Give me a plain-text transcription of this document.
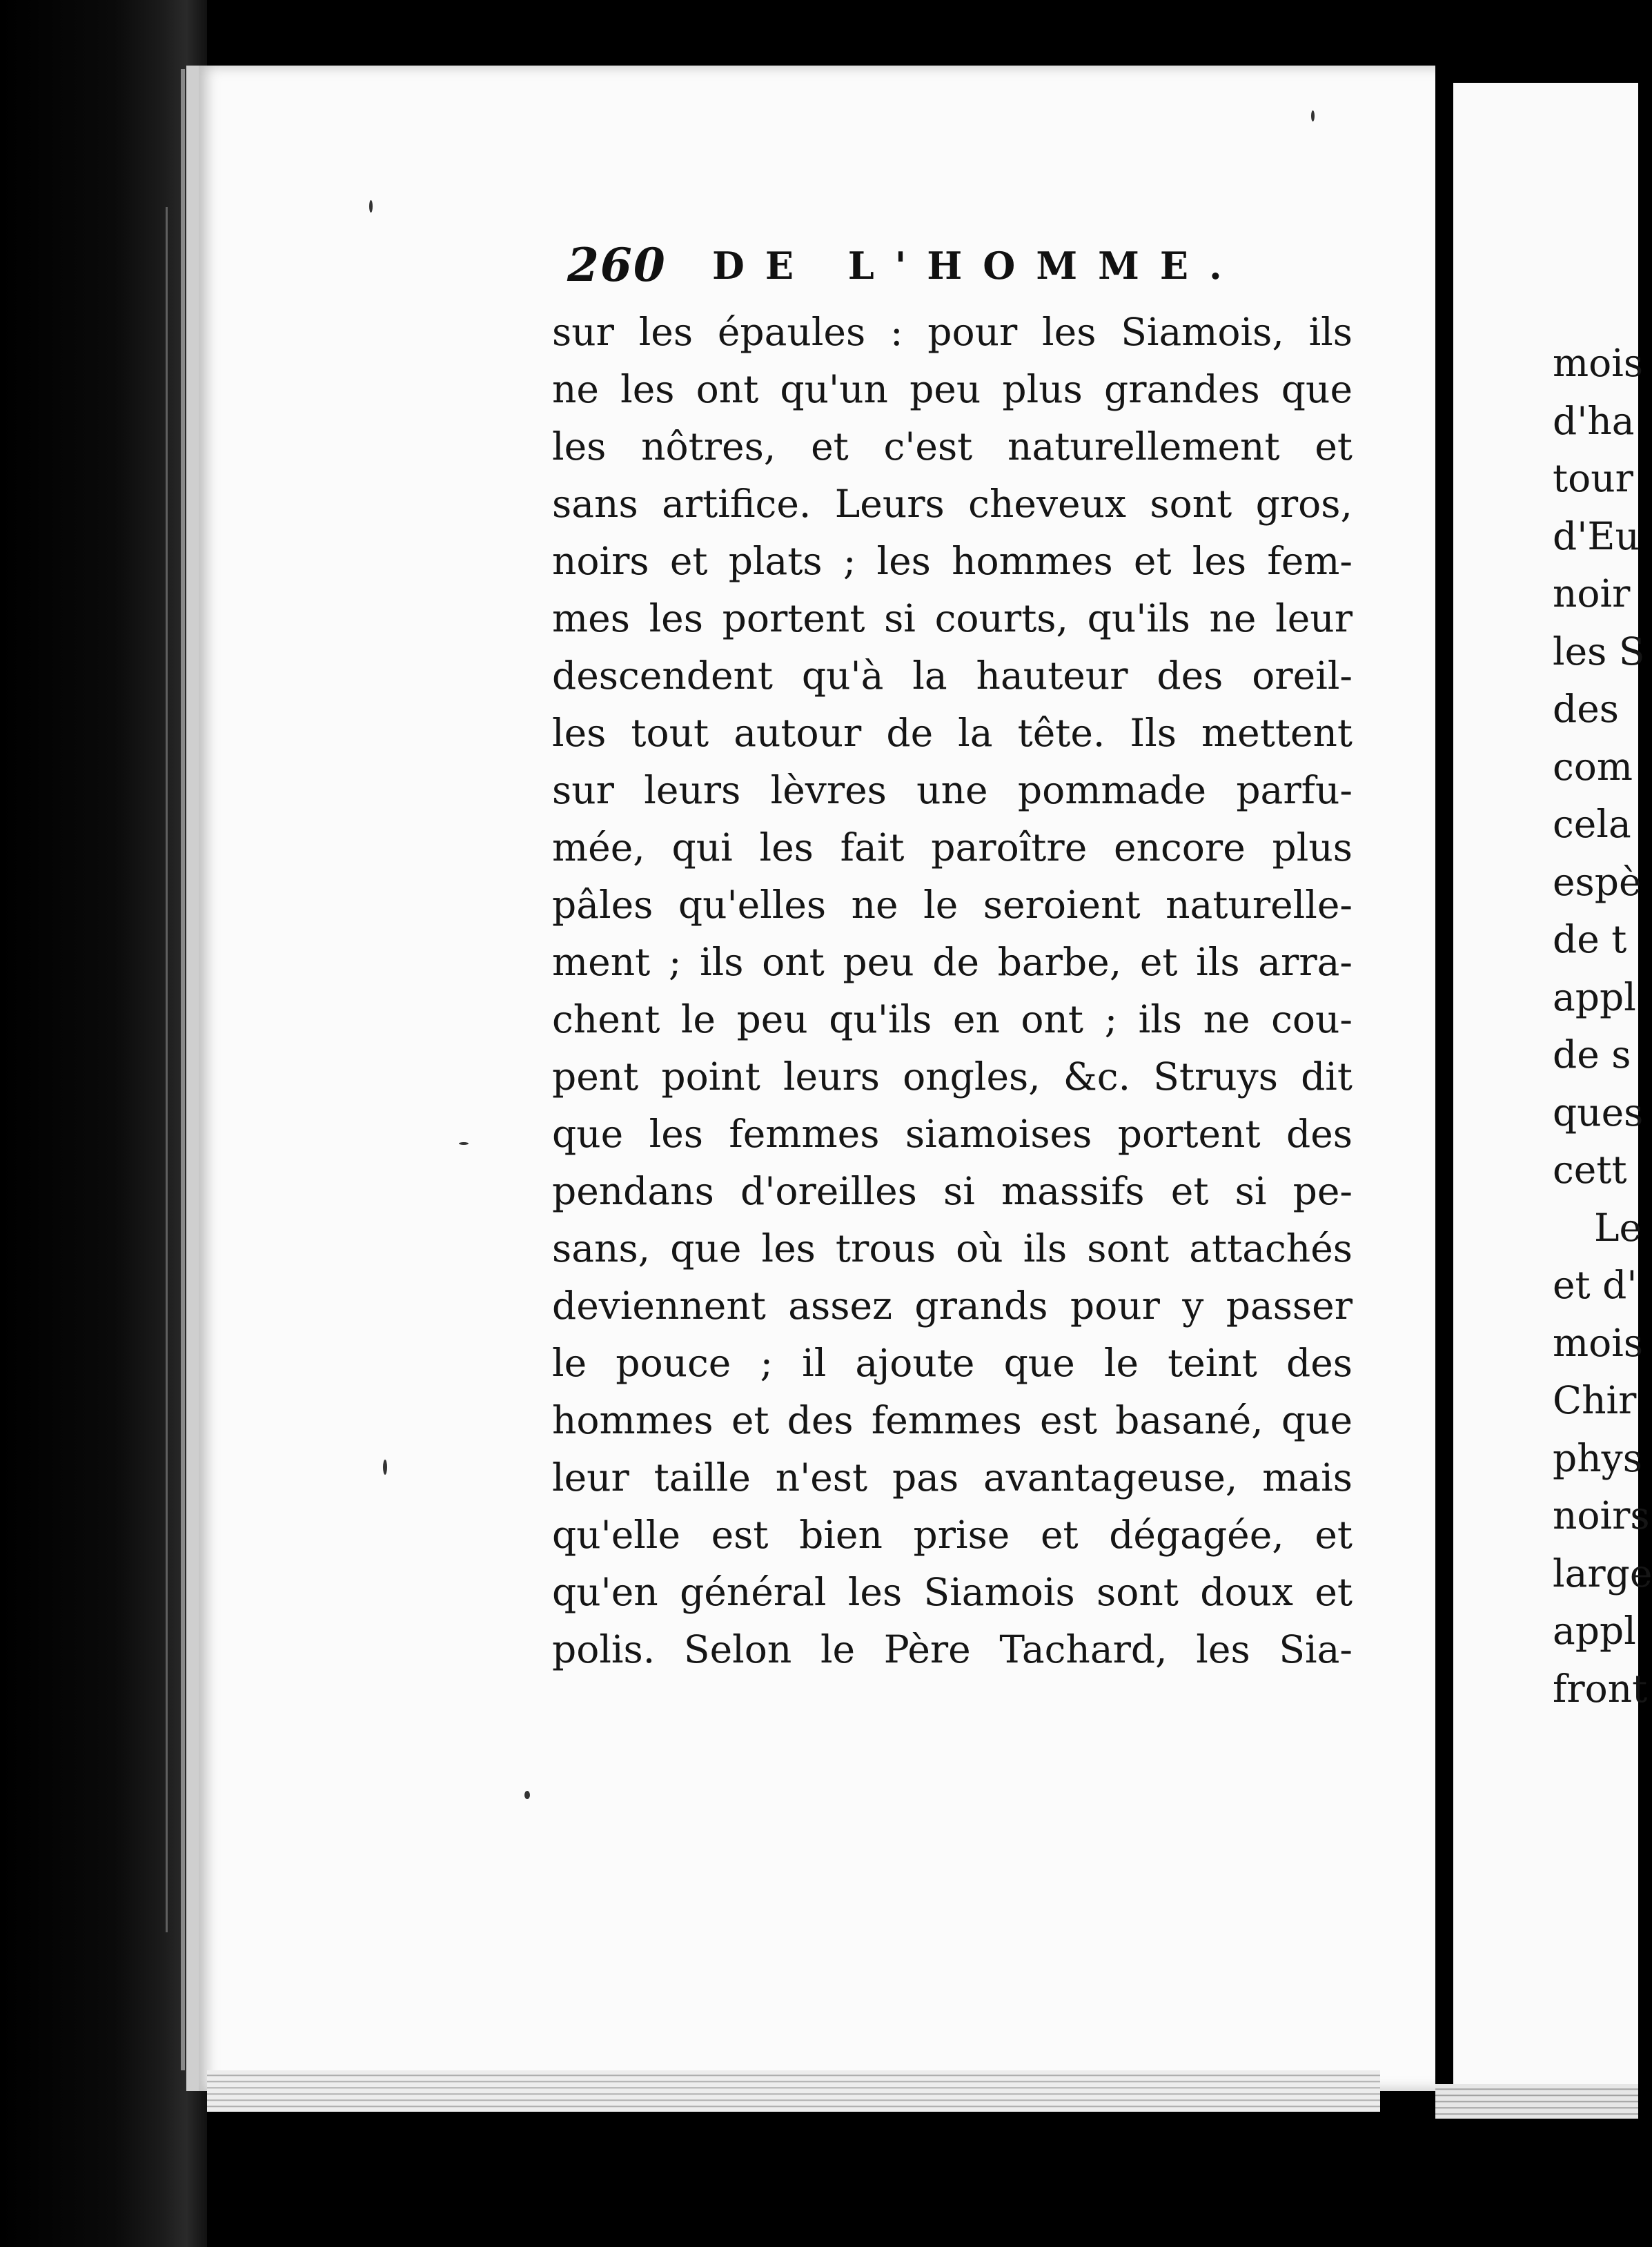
260 DE L'HOMME.
sur les épaules : pour les Siamois, ils
ne les ont qu'un peu plus grandes que
les nôtres, et c'est naturellement et
sans artifice. Leurs cheveux sont gros,
noirs et plats ; les hommes et les fem-
mes les portent si courts, qu'ils ne leur
descendent qu'à la hauteur des oreil-
les tout autour de la tête. Ils mettent
sur leurs lèvres une pommade parfu-
mée, qui les fait paroître encore plus
pâles qu'elles ne le seroient naturelle-
ment ; ils ont peu de barbe, et ils arra-
chent le peu qu'ils en ont ; ils ne cou-
pent point leurs ongles, &c. Struys dit
que les femmes siamoises portent des
pendans d'oreilles si massifs et si pe-
sans, que les trous où ils sont attachés
deviennent assez grands pour y passer
le pouce ; il ajoute que le teint des
hommes et des femmes est basané, que
leur taille n'est pas avantageuse, mais
qu'elle est bien prise et dégagée, et
qu'en général les Siamois sont doux et
polis. Selon le Père Tachard, les Sia-
mois
d'ha
tour
d'Eu
noir
les S
des
com
cela
espè
de t
appl
de s
ques
cett
Le
et d'
mois
Chir
phys
noirs
large
appl
front
